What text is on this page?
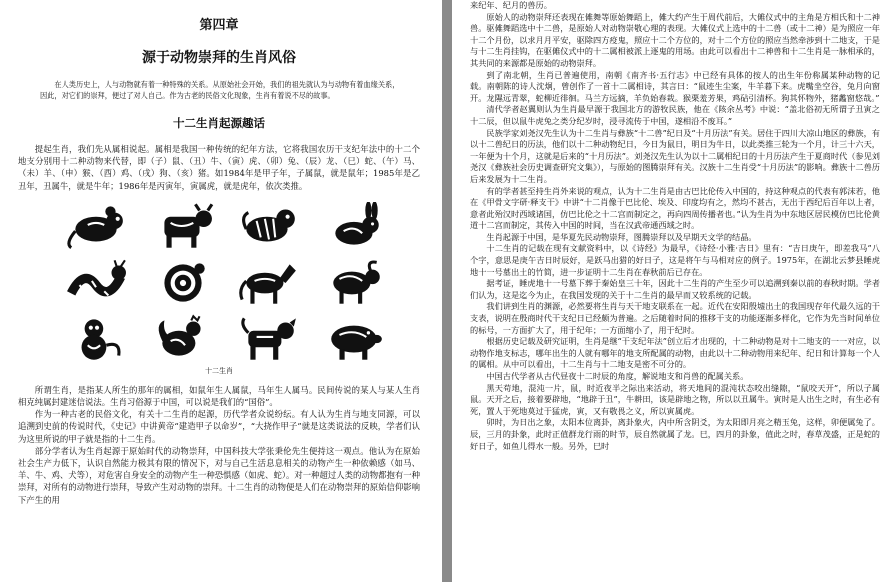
第四章
源于动物崇拜的生肖风俗
在人类历史上，人与动物就有着一种特殊的关系。从原始社会开始，我们的祖先就认为与动物有着血缘关系，因此，对它们的崇拜，便过了对人自己。作为古老的民俗文化现象，生肖有着说不尽的故事。
十二生肖起源趣话

提起生肖，我们先从属相说起。属相是我国一种传统的纪年方法，它将我国农历干支纪年法中的十二个地支分别用十二种动物来代替，即（子）鼠、（丑）牛、（寅）虎、（卯）兔、（辰）龙、（巳）蛇、（午）马、（未）羊、（申）猴、（酉）鸡、（戌）狗、（亥）猪。如1984年是甲子年，子属鼠，就是鼠年；1985年是乙丑年，丑属牛，就是牛年；1986年是丙寅年，寅属虎，就是虎年，依次类推。

十二生肖

所谓生肖，是指某人所生的那年的属相，如鼠年生人属鼠，马年生人属马。民间传说的某人与某人生肖相克纯属封建迷信说法。生肖习俗源于中国，可以说是我们的“国俗”。

作为一种古老的民俗文化，有关十二生肖的起源，历代学者众说纷纭。有人认为生肖与地支同源，可以追溯到史前的传说时代，《史记》中讲黄帝“建造甲子以命岁”，“大挠作甲子”就是这类说法的反映，学者们认为这里所说的甲子就是指的十二生肖。

部分学者认为生肖起源于原始时代的动物崇拜，中国科技大学张秉伦先生便持这一观点。他认为在原始社会生产力低下，认识自然能力极其有限的情况下，对与自己生活息息相关的动物产生一种依赖感（如马、羊、牛、鸡、犬等），对危害自身安全的动物产生一种恐惧感（如虎、蛇）。对一种超过人类的动物都抱有一种崇拜，对所有的动物进行崇拜，导致产生对动物的崇拜。十二生肖的动物便是人们在动物崇拜的原始信仰影响下产生的用

来纪年、纪月的兽历。

原始人的动物崇拜还表现在傩舞等原始舞蹈上，傩大约产生于周代前后，大傩仪式中的主角是方相氏和十二神兽。驱傩舞蹈选中十二兽，是原始人对动物崇敬心理的表现。大傩仪式上选中的十二兽（或十二神）是为照应一年十二个月份，以求月月平安，驱除四方疫鬼，照应十二个方位的，对十二个方位的照应当然牵涉到十二地支，于是与十二生肖挂钩，在驱傩仪式中的十二属相被派上逐鬼的用场。由此可以看出十二神兽和十二生肖是一脉相承的，其共同的来源都是原始的动物崇拜。

到了南北朝，生肖已普遍使用，南朝《南齐书·五行志》中已经有具体的按人的出生年份称属某种动物的记载。南朝陈的诗人沈炯，曾创作了一首十二属相诗，其言曰：“鼠迹生尘案，牛羊暮下来。虎嘴坐空谷，兔月向窗开。龙隰远青翠，蛇柳近徘徊。马兰方远摘，羊负始春栽。猴栗羞芳果，鸡砧引清杯。狗其怀物外，猪蠡窗悠哉。”

清代学者赵翼则认为生肖最早源于我国北方的游牧民族，他在《陔余丛考》中说：“盖北俗初无所谓子丑寅之十二辰，但以鼠牛虎兔之类分纪岁时，浸寻流传于中国，遂相沿不废耳。”

民族学家刘尧汉先生认为十二生肖与彝族“十二兽”纪日及“十月历法”有关。居住于四川大凉山地区的彝族，有以十二兽纪日的历法，他们以十二种动物纪日，今日为鼠日，明日为牛日，以此类推三轮为一个月，计三十六天，一年便为十个月，这就是后来的“十月历法”。刘尧汉先生认为以十二属相纪日的十月历法产生于夏商时代（参见刘尧汉《彝族社会历史调查研究文集》），与原始的图腾崇拜有关。汉族十二生肖受“十月历法”的影响。彝族十二兽历后来发展为十二生肖。

有的学者甚至持生肖外来说的观点，认为十二生肖是由古巴比伦传入中国的，持这种观点的代表有郭沫若，他在《甲骨文字研·释支干》中讲“十二肖像于巴比伦、埃及、印度均有之，然均不甚古，无出于西纪后百年以上者，意者此殆汉时西域诸国，仿巴比伦之十二宫而制定之，再向四周传播者也。”认为生肖为中东地区居民模仿巴比伦黄道十二宫而制定，其传入中国的时间，当在汉武帝通西域之时。

生肖起源于中国，是华夏先民动物崇拜，图腾崇拜以及早期天文学的结晶。

十二生肖的记载在现有文献资料中，以《诗经》为最早，《诗经·小雅·吉日》里有：“吉日庚午，即差我马”八个字，意思是庚午吉日时辰好，是跃马出猎的好日子，这是将午与马相对应的例子。1975年，在湖北云梦县睡虎地十一号墓出土的竹简，进一步证明十二生肖在春秋前后已存在。

据考证，睡虎地十一号墓下葬于秦始皇三十年，因此十二生肖的产生至少可以追溯到秦以前的春秋时期。学者们认为，这是迄今为止，在我国发现的关于十二生肖的最早而又较系统的记载。

我们讲到生肖的渊源，必然要将生肖与天干地支联系在一起。近代在安阳殷墟出土的我国现存年代最久远的干支表，说明在殷商时代干支纪日已经颇为普遍。之后随着时间的推移干支的功能逐渐多样化，它作为先当时间单位的标号，一方面扩大了，用于纪年；一方面缩小了，用于纪时。

根据历史记载及研究证明，生肖是继“干支纪年法”创立后才出现的，十二种动物是对十二地支的一一对应，以动物作地支标志，哪年出生的人就有哪年的地支所配属的动物，由此以十二种动物用来纪年、纪日和计算每一个人的属相。从中可以看出，十二生肖与十二地支是密不可分的。

中国古代学者从古代昼夜十二时辰的角度，解说地支和肖兽的配属关系。

黑天苟地，混沌一片，鼠，时近夜半之际出来活动，将天地间的混沌状态咬出缝隙，“鼠咬天开”，所以子属鼠。天开之后，接着要辟地，“地辟于丑”，牛耕田，该是辟地之物，所以以丑属牛。寅时是人出生之时，有生必有死，置人于死地莫过于猛虎，寅，又有敬畏之义，所以寅属虎。

卯时，为日出之象，太阳本位离卦，离卦象火，内中所含阴爻，为太阳即月亮之精玉兔，这样，卯便属兔了。辰，三月的卦象，此时正值群龙行雨的时节，辰自然就属了龙。巳，四月的卦象，值此之时，春草茂盛，正是蛇的好日子，如鱼儿得水一般。另外，巳时
